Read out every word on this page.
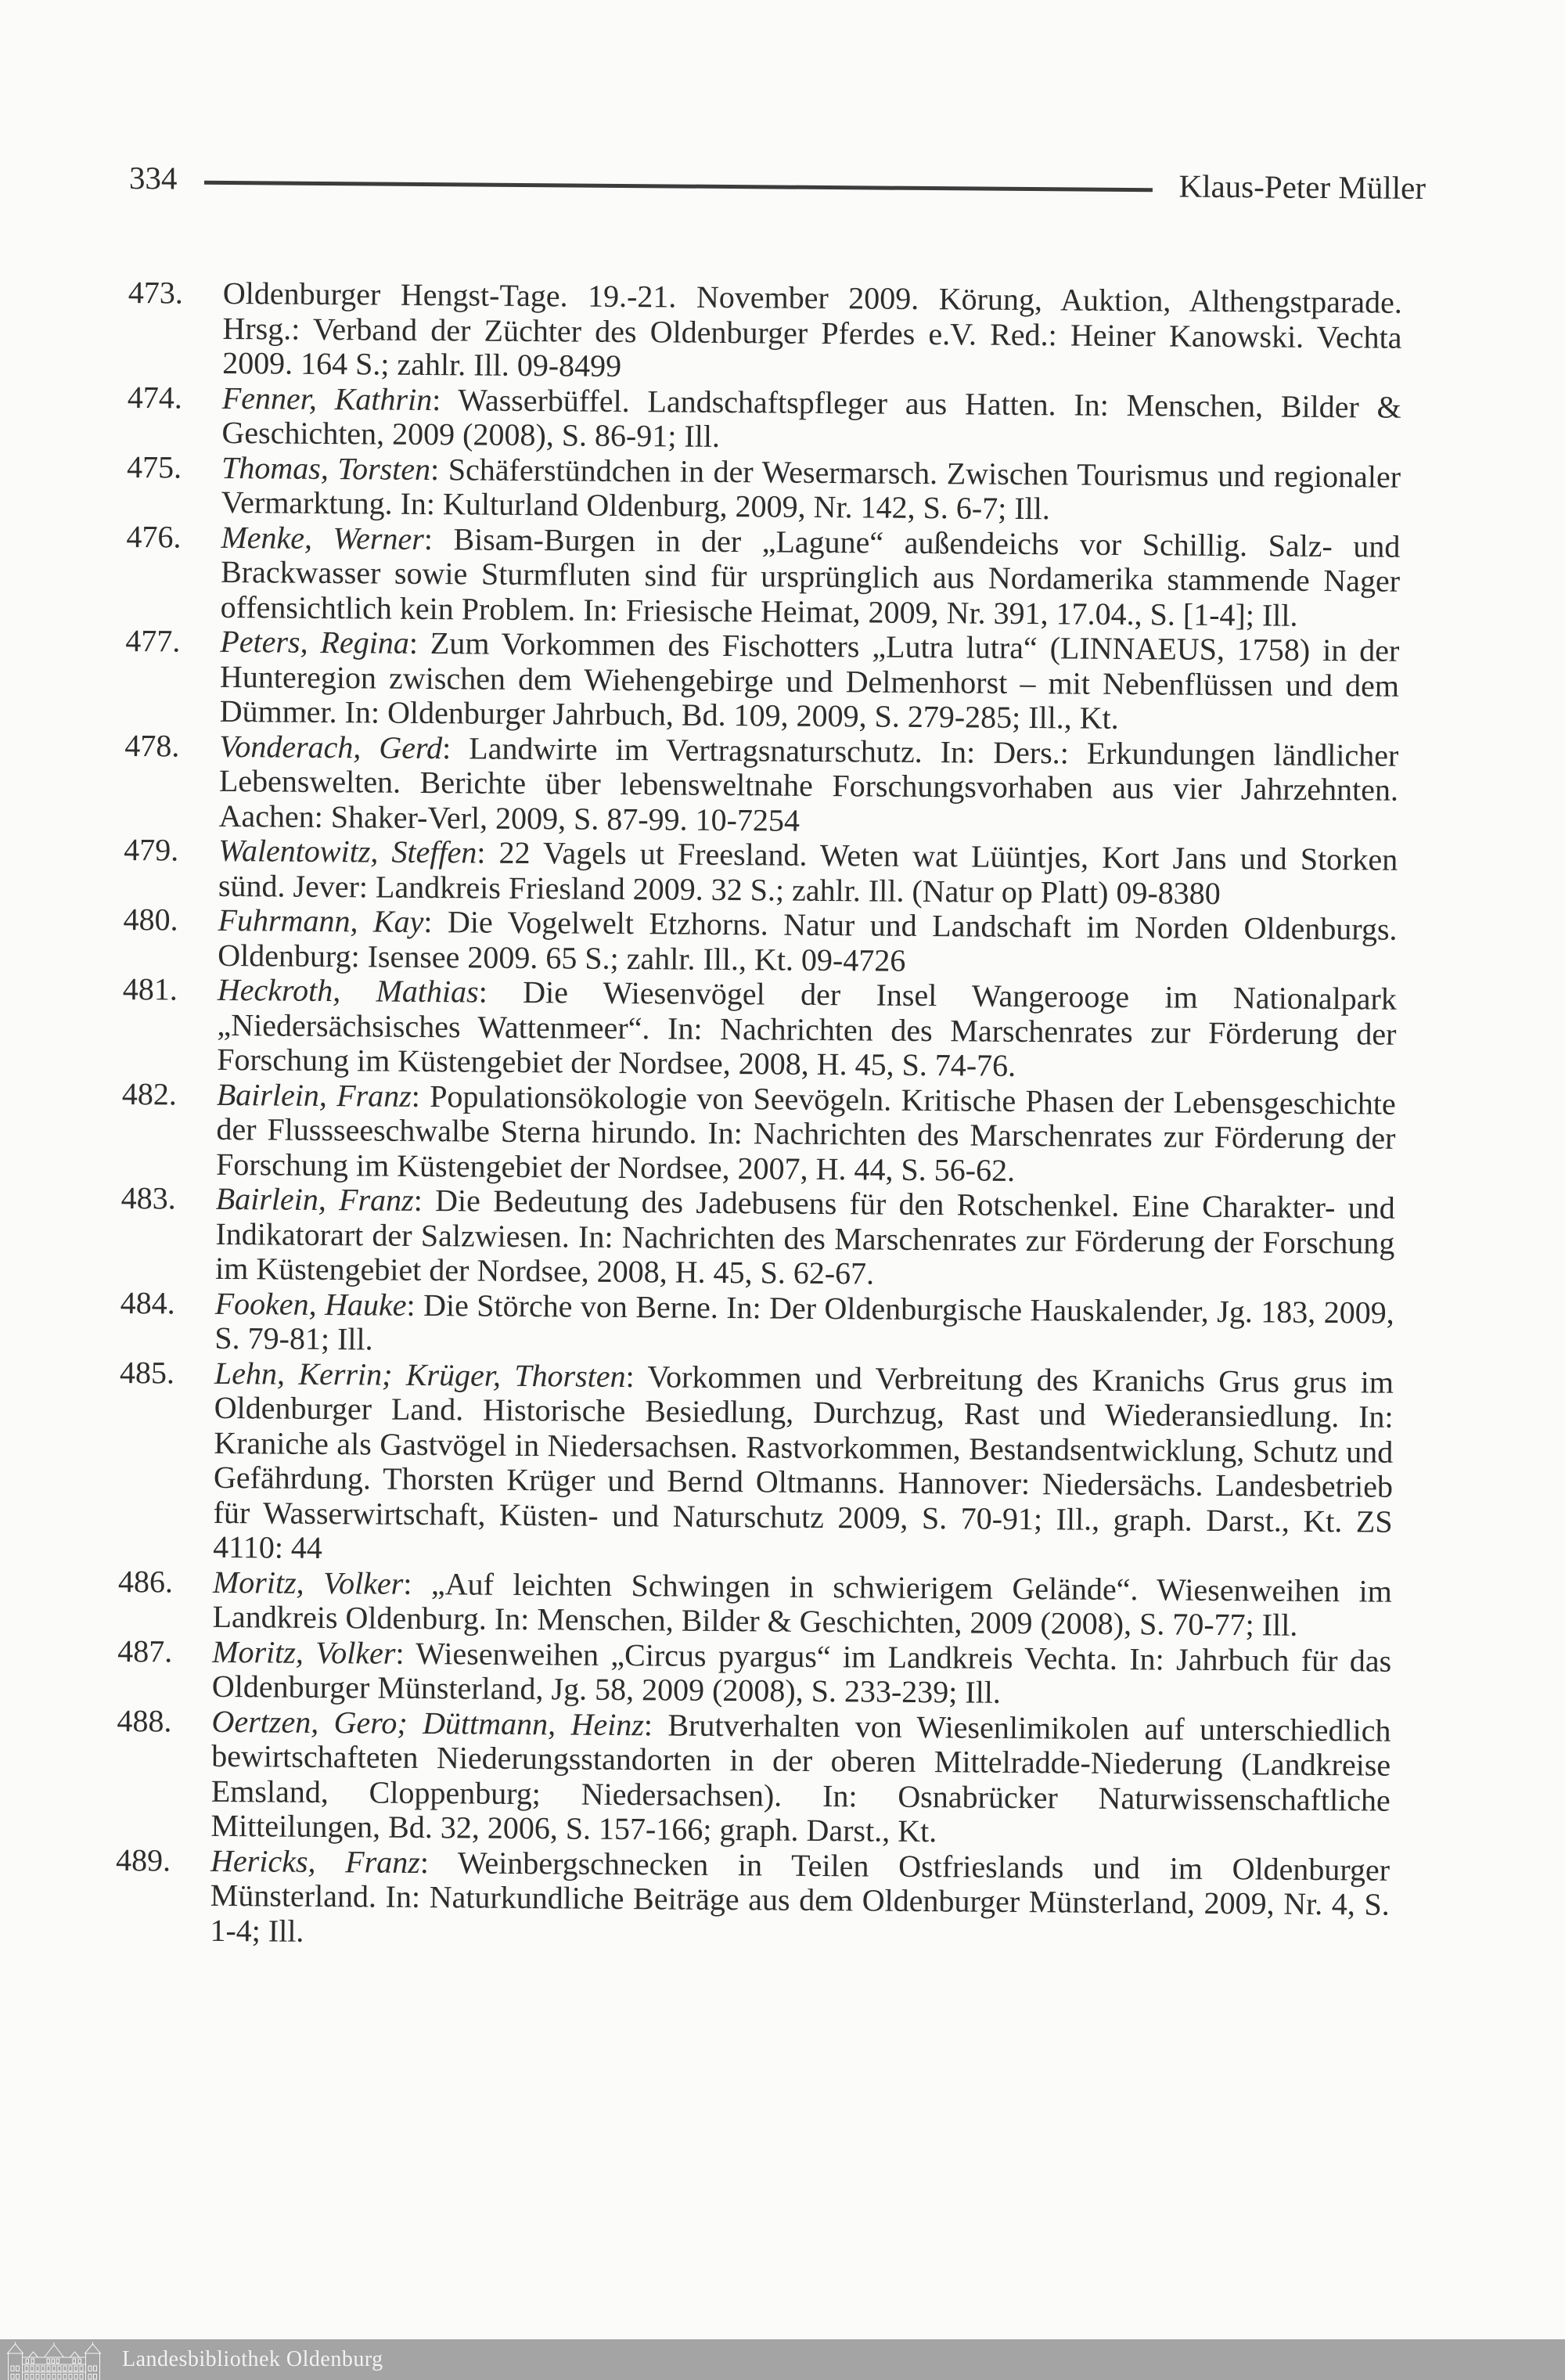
334	Klaus-Peter Müller
473.	Oldenburger Hengst-Tage. 19.-21. November 2009. Körung, Auktion, Althengstparade. Hrsg.: Verband der Züchter des Oldenburger Pferdes e.V. Red.: Heiner Kanowski. Vechta 2009. 164 S.; zahlr. Ill. 09-8499
474.	Fenner, Kathrin: Wasserbüffel. Landschaftspfleger aus Hatten. In: Menschen, Bilder & Geschichten, 2009 (2008), S. 86-91; Ill.
475.	Thomas, Torsten: Schäferstündchen in der Wesermarsch. Zwischen Tourismus und regionaler Vermarktung. In: Kulturland Oldenburg, 2009, Nr. 142, S. 6-7; Ill.
476.	Menke, Werner: Bisam-Burgen in der „Lagune“ außendeichs vor Schillig. Salz- und Brackwasser sowie Sturmfluten sind für ursprünglich aus Nordamerika stammende Nager offensichtlich kein Problem. In: Friesische Heimat, 2009, Nr. 391, 17.04., S. [1-4]; Ill.
477.	Peters, Regina: Zum Vorkommen des Fischotters „Lutra lutra“ (LINNAEUS, 1758) in der Hunteregion zwischen dem Wiehengebirge und Delmenhorst – mit Nebenflüssen und dem Dümmer. In: Oldenburger Jahrbuch, Bd. 109, 2009, S. 279-285; Ill., Kt.
478.	Vonderach, Gerd: Landwirte im Vertragsnaturschutz. In: Ders.: Erkundungen ländlicher Lebenswelten. Berichte über lebensweltnahe Forschungsvorhaben aus vier Jahrzehnten. Aachen: Shaker-Verl, 2009, S. 87-99. 10-7254
479.	Walentowitz, Steffen: 22 Vagels ut Freesland. Weten wat Lüüntjes, Kort Jans und Storken sünd. Jever: Landkreis Friesland 2009. 32 S.; zahlr. Ill. (Natur op Platt) 09-8380
480.	Fuhrmann, Kay: Die Vogelwelt Etzhorns. Natur und Landschaft im Norden Oldenburgs. Oldenburg: Isensee 2009. 65 S.; zahlr. Ill., Kt. 09-4726
481.	Heckroth, Mathias: Die Wiesenvögel der Insel Wangerooge im Nationalpark „Niedersächsisches Wattenmeer“. In: Nachrichten des Marschenrates zur Förderung der Forschung im Küstengebiet der Nordsee, 2008, H. 45, S. 74-76.
482.	Bairlein, Franz: Populationsökologie von Seevögeln. Kritische Phasen der Lebensgeschichte der Flussseeschwalbe Sterna hirundo. In: Nachrichten des Marschenrates zur Förderung der Forschung im Küstengebiet der Nordsee, 2007, H. 44, S. 56-62.
483.	Bairlein, Franz: Die Bedeutung des Jadebusens für den Rotschenkel. Eine Charakter- und Indikatorart der Salzwiesen. In: Nachrichten des Marschenrates zur Förderung der Forschung im Küstengebiet der Nordsee, 2008, H. 45, S. 62-67.
484.	Fooken, Hauke: Die Störche von Berne. In: Der Oldenburgische Hauskalender, Jg. 183, 2009, S. 79-81; Ill.
485.	Lehn, Kerrin; Krüger, Thorsten: Vorkommen und Verbreitung des Kranichs Grus grus im Oldenburger Land. Historische Besiedlung, Durchzug, Rast und Wiederansiedlung. In: Kraniche als Gastvögel in Niedersachsen. Rastvorkommen, Bestandsentwicklung, Schutz und Gefährdung. Thorsten Krüger und Bernd Oltmanns. Hannover: Niedersächs. Landesbetrieb für Wasserwirtschaft, Küsten- und Naturschutz 2009, S. 70-91; Ill., graph. Darst., Kt. ZS 4110: 44
486.	Moritz, Volker: „Auf leichten Schwingen in schwierigem Gelände“. Wiesenweihen im Landkreis Oldenburg. In: Menschen, Bilder & Geschichten, 2009 (2008), S. 70-77; Ill.
487.	Moritz, Volker: Wiesenweihen „Circus pyargus“ im Landkreis Vechta. In: Jahrbuch für das Oldenburger Münsterland, Jg. 58, 2009 (2008), S. 233-239; Ill.
488.	Oertzen, Gero; Düttmann, Heinz: Brutverhalten von Wiesenlimikolen auf unterschiedlich bewirtschafteten Niederungsstandorten in der oberen Mittelradde-Niederung (Landkreise Emsland, Cloppenburg; Niedersachsen). In: Osnabrücker Naturwissenschaftliche Mitteilungen, Bd. 32, 2006, S. 157-166; graph. Darst., Kt.
489.	Hericks, Franz: Weinbergschnecken in Teilen Ostfrieslands und im Oldenburger Münsterland. In: Naturkundliche Beiträge aus dem Oldenburger Münsterland, 2009, Nr. 4, S. 1-4; Ill.
Landesbibliothek Oldenburg
